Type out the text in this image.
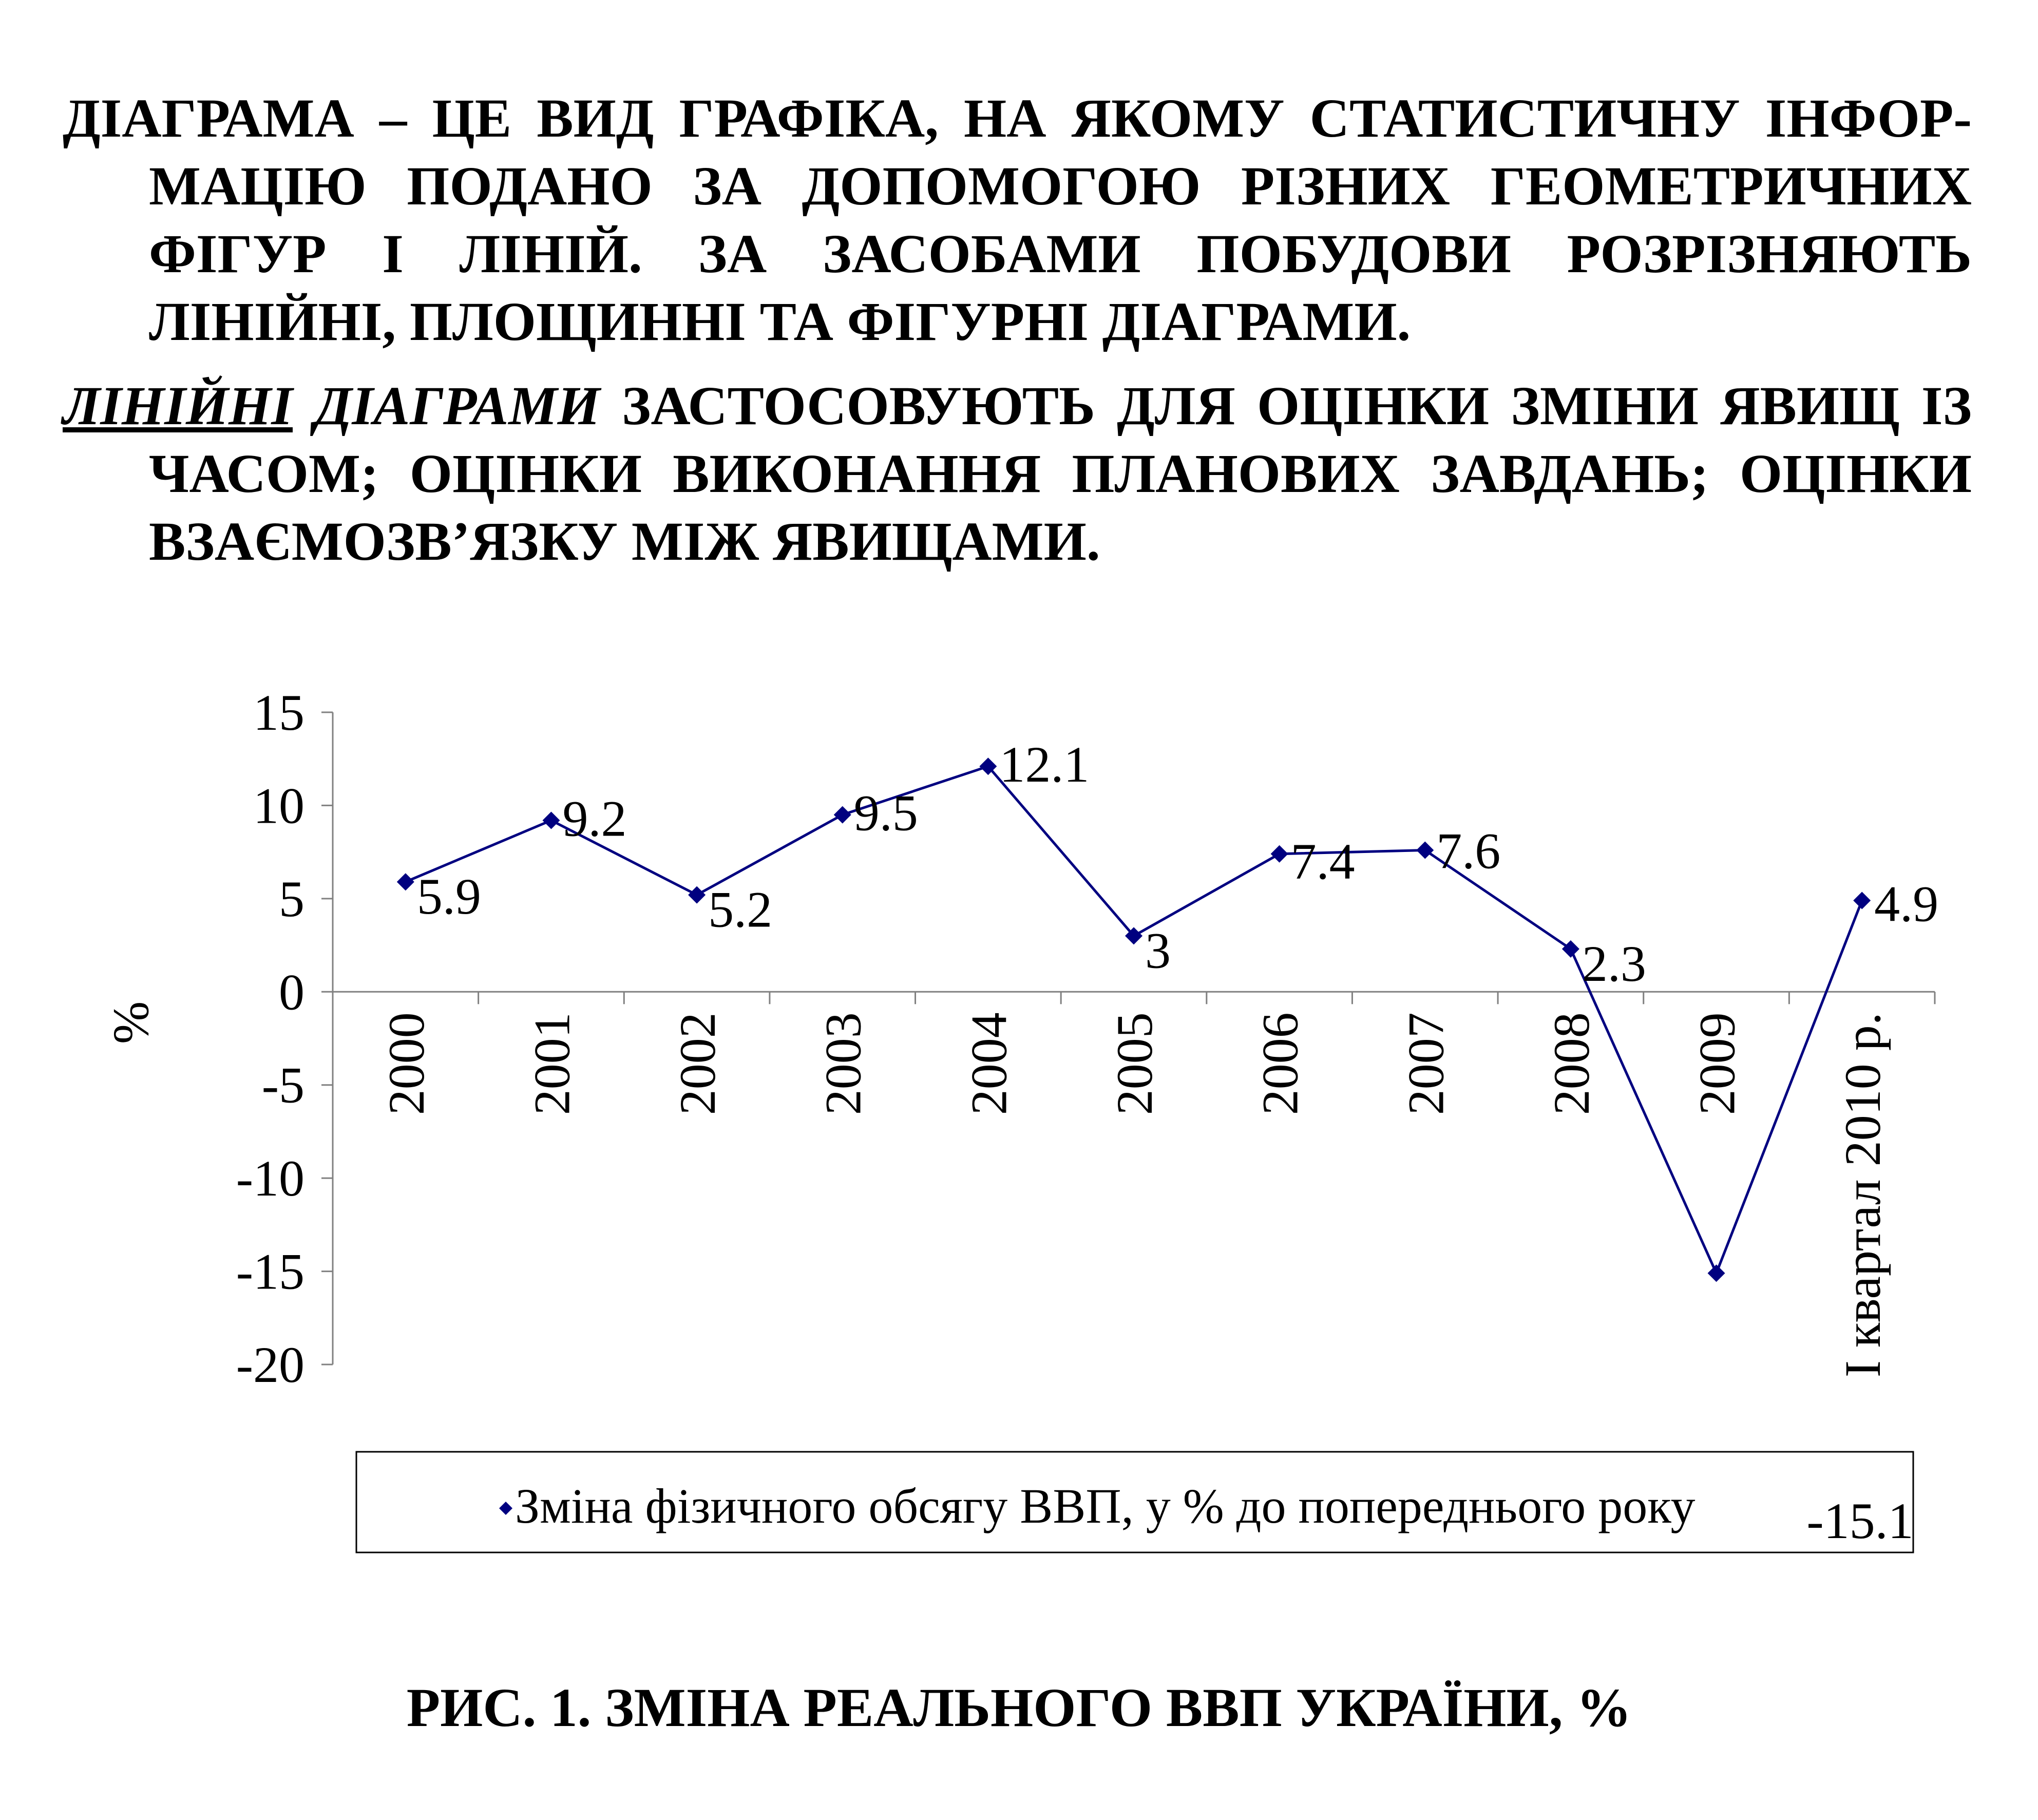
ДІАГРАМА – ЦЕ ВИД ГРАФІКА, НА ЯКОМУ СТАТИСТИЧНУ ІНФОР-МАЦІЮ ПОДАНО ЗА ДОПОМОГОЮ РІЗНИХ ГЕОМЕТРИЧНИХ ФІГУР І ЛІНІЙ. ЗА ЗАСОБАМИ ПОБУДОВИ РОЗРІЗНЯЮТЬ ЛІНІЙНІ, ПЛОЩИННІ ТА ФІГУРНІ ДІАГРАМИ.
ЛІНІЙНІ ДІАГРАМИ ЗАСТОСОВУЮТЬ ДЛЯ ОЦІНКИ ЗМІНИ ЯВИЩ ІЗ ЧАСОМ; ОЦІНКИ ВИКОНАННЯ ПЛАНОВИХ ЗАВДАНЬ; ОЦІНКИ ВЗАЄМОЗВ’ЯЗКУ МІЖ ЯВИЩАМИ.
15
10
5
0
-5
-10
-15
-20
%	2000 2001 2002 2003 2004 2005 2006 2007 2008 2009 I квартал 2010 р.
5.9
9.2
5.2
9.5
12.1
3
7.4 7.6
2.3
-15.1
4.9
Зміна фізичного обсягу ВВП, у % до попереднього року
РИС. 1. ЗМІНА РЕАЛЬНОГО ВВП УКРАЇНИ, %
